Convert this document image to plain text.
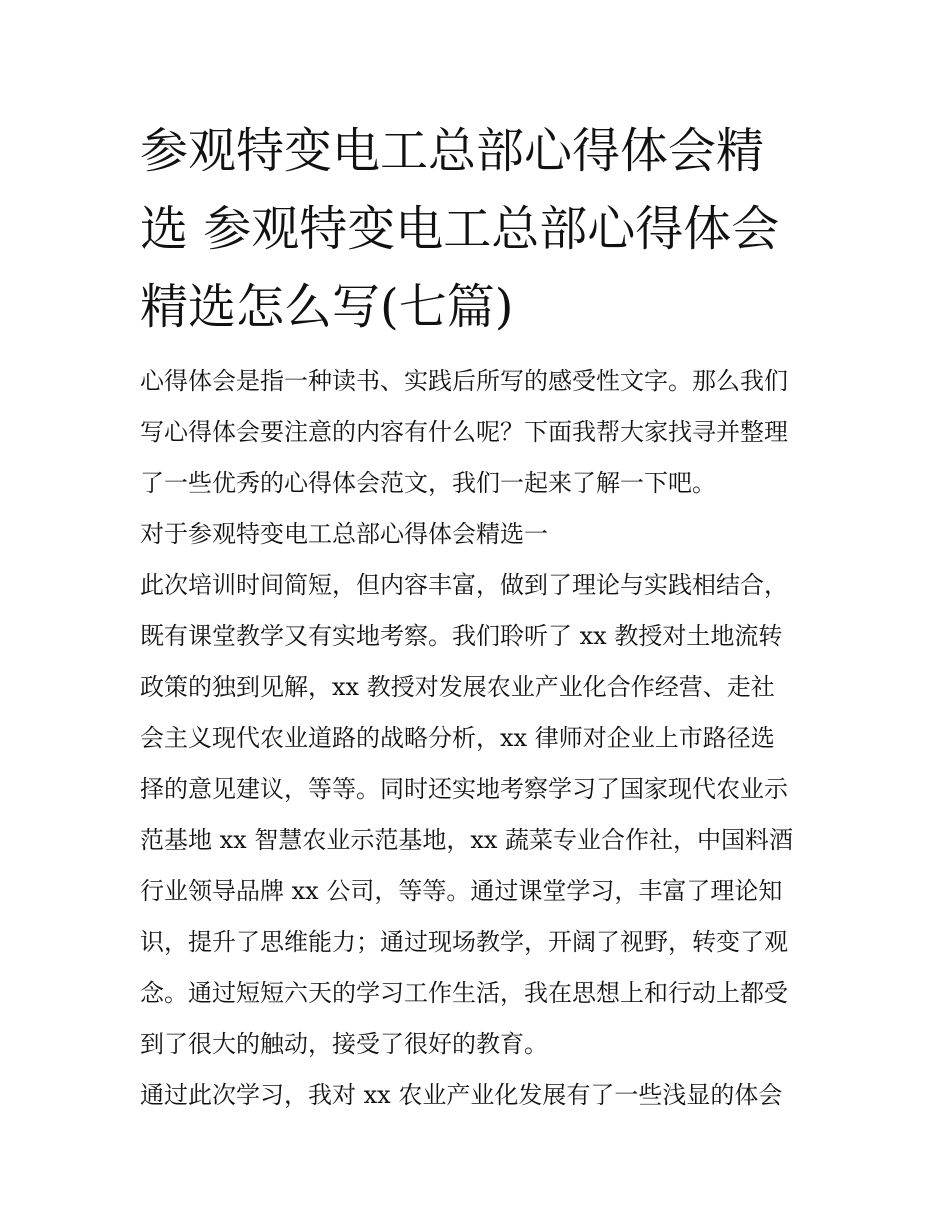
参观特变电工总部心得体会精
选 参观特变电工总部心得体会
精选怎么写(七篇)
心得体会是指一种读书、实践后所写的感受性文字。那么我们
写心得体会要注意的内容有什么呢？下面我帮大家找寻并整理
了一些优秀的心得体会范文，我们一起来了解一下吧。
对于参观特变电工总部心得体会精选一
此次培训时间简短，但内容丰富，做到了理论与实践相结合，
既有课堂教学又有实地考察。我们聆听了 xx 教授对土地流转
政策的独到见解，xx 教授对发展农业产业化合作经营、走社
会主义现代农业道路的战略分析，xx 律师对企业上市路径选
择的意见建议，等等。同时还实地考察学习了国家现代农业示
范基地 xx 智慧农业示范基地，xx 蔬菜专业合作社，中国料酒
行业领导品牌 xx 公司，等等。通过课堂学习，丰富了理论知
识，提升了思维能力；通过现场教学，开阔了视野，转变了观
念。通过短短六天的学习工作生活，我在思想上和行动上都受
到了很大的触动，接受了很好的教育。
通过此次学习，我对 xx 农业产业化发展有了一些浅显的体会
